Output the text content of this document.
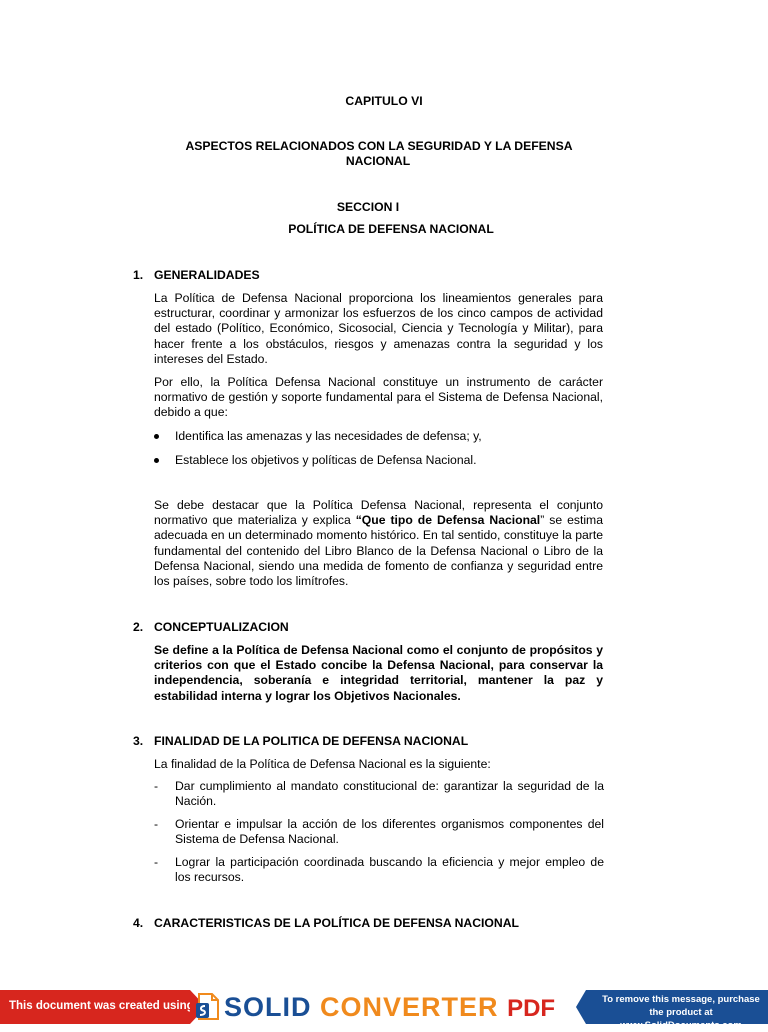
CAPITULO VI
ASPECTOS RELACIONADOS CON LA SEGURIDAD Y LA DEFENSA
NACIONAL
SECCION I
POLÍTICA DE DEFENSA NACIONAL
1. GENERALIDADES

La Política de Defensa Nacional proporciona los lineamientos generales para estructurar, coordinar y armonizar los esfuerzos de los cinco campos de actividad del estado (Político, Económico, Sicosocial, Ciencia y Tecnología y Militar), para hacer frente a los obstáculos, riesgos y amenazas contra la seguridad y los intereses del Estado.

Por ello, la Política Defensa Nacional constituye un instrumento de carácter normativo de gestión y soporte fundamental para el Sistema de Defensa Nacional, debido a que:

Identifica las amenazas y las necesidades de defensa; y,
Establece los objetivos y políticas de Defensa Nacional.

Se debe destacar que la Política Defensa Nacional, representa el conjunto normativo que materializa y explica “Que tipo de Defensa Nacional” se estima adecuada en un determinado momento histórico. En tal sentido, constituye la parte fundamental del contenido del Libro Blanco de la Defensa Nacional o Libro de la Defensa Nacional, siendo una medida de fomento de confianza y seguridad entre los países, sobre todo los limítrofes.

2. CONCEPTUALIZACION

Se define a la Política de Defensa Nacional como el conjunto de propósitos y criterios con que el Estado concibe la Defensa Nacional, para conservar la independencia, soberanía e integridad territorial, mantener la paz y estabilidad interna y lograr los Objetivos Nacionales.

3. FINALIDAD DE LA POLITICA DE DEFENSA NACIONAL

La finalidad de la Política de Defensa Nacional es la siguiente:

- Dar cumplimiento al mandato constitucional de: garantizar la seguridad de la Nación.
- Orientar e impulsar la acción de los diferentes organismos componentes del Sistema de Defensa Nacional.
- Lograr la participación coordinada buscando la eficiencia y mejor empleo de los recursos.
4. CARACTERISTICAS DE LA POLÍTICA DE DEFENSA NACIONAL
This document was created using SOLID CONVERTER PDF	To remove this message, purchase the product at www.SolidDocuments.com
